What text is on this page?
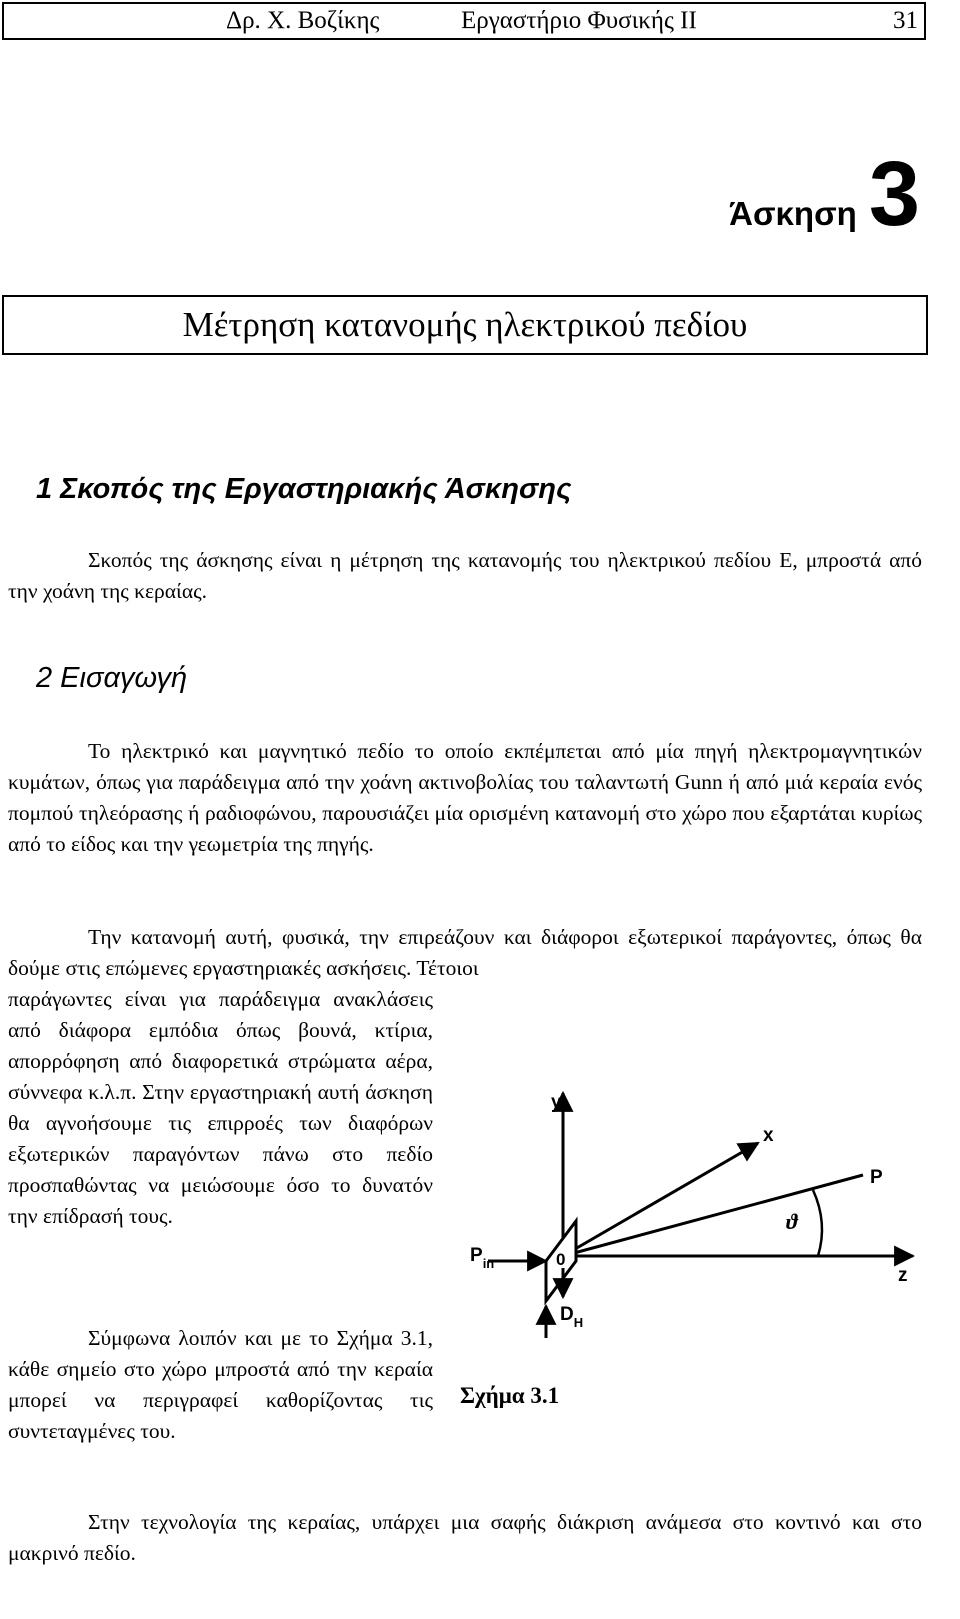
Δρ. Χ. Βοζίκης	Εργαστήριο Φυσικής ΙΙ	31
Άσκηση 3
Μέτρηση κατανομής ηλεκτρικού πεδίου
1 Σκοπός της Εργαστηριακής Άσκησης

Σκοπός της άσκησης είναι η μέτρηση της κατανομής του ηλεκτρικού πεδίου Ε, μπροστά από την χοάνη της κεραίας.

2 Εισαγωγή

Το ηλεκτρικό και μαγνητικό πεδίο το οποίο εκπέμπεται από μία πηγή ηλεκτρομαγνητικών κυμάτων, όπως για παράδειγμα από την χοάνη ακτινοβολίας του ταλαντωτή Gunn ή από μιά κεραία ενός πομπού τηλεόρασης ή ραδιοφώνου, παρουσιάζει μία ορισμένη κατανομή στο χώρο που εξαρτάται κυρίως από το είδος και την γεωμετρία της πηγής.

Την κατανομή αυτή, φυσικά, την επιρεάζουν και διάφοροι εξωτερικοί παράγοντες, όπως θα δούμε στις επώμενες εργαστηριακές ασκήσεις. Τέτοιοι

παράγωντες είναι για παράδειγμα ανακλάσεις από διάφορα εμπόδια όπως βουνά, κτίρια, απορρόφηση από διαφορετικά στρώματα αέρα, σύννεφα κ.λ.π. Στην εργαστηριακή αυτή άσκηση θα αγνοήσουμε τις επιρροές των διαφόρων εξωτερικών παραγόντων πάνω στο πεδίο προσπαθώντας να μειώσουμε όσο το δυνατόν την επίδρασή τους.

Σύμφωνα λοιπόν και με το Σχήμα 3.1, κάθε σημείο στο χώρο μπροστά από την κεραία μπορεί να περιγραφεί καθορίζοντας τις συντεταγμένες του.

y
x
P
ϑ
0
z
$P_{in}$
$D_H$
Σχήμα 3.1

Στην τεχνολογία της κεραίας, υπάρχει μια σαφής διάκριση ανάμεσα στο κοντινό και στο μακρινό πεδίο.
